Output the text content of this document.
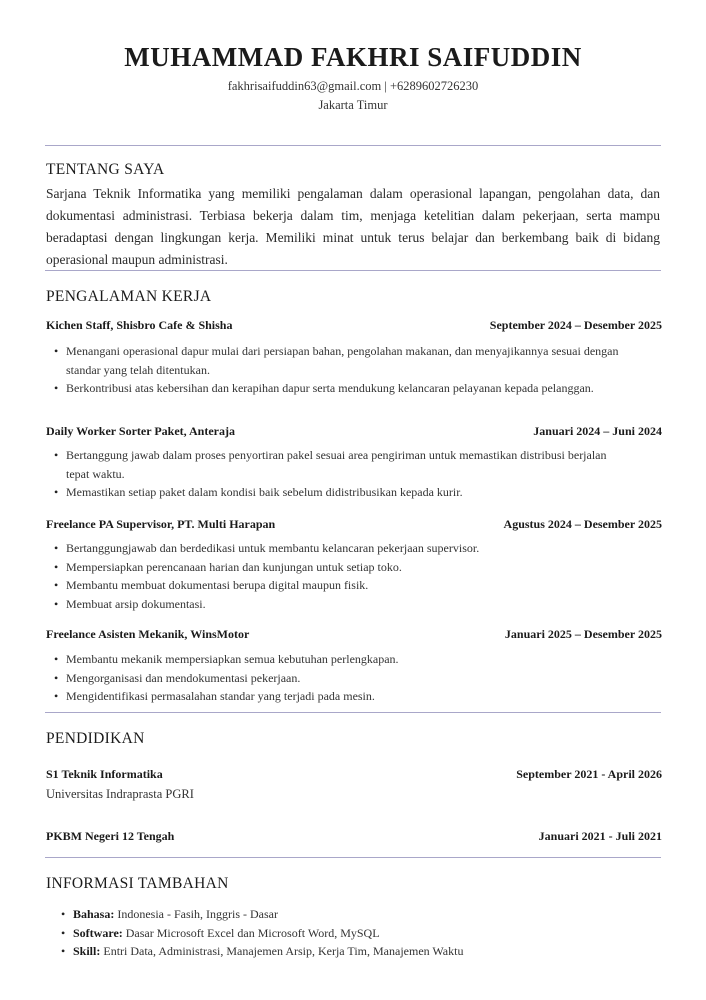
MUHAMMAD FAKHRI SAIFUDDIN
fakhrisaifuddin63@gmail.com | +6289602726230
Jakarta Timur
TENTANG SAYA
Sarjana Teknik Informatika yang memiliki pengalaman dalam operasional lapangan, pengolahan data, dan dokumentasi administrasi. Terbiasa bekerja dalam tim, menjaga ketelitian dalam pekerjaan, serta mampu beradaptasi dengan lingkungan kerja. Memiliki minat untuk terus belajar dan berkembang baik di bidang operasional maupun administrasi.
PENGALAMAN KERJA
Kichen Staff, Shisbro Cafe & Shisha	September 2024 – Desember 2025
• Menangani operasional dapur mulai dari persiapan bahan, pengolahan makanan, dan menyajikannya sesuai dengan standar yang telah ditentukan.
• Berkontribusi atas kebersihan dan kerapihan dapur serta mendukung kelancaran pelayanan kepada pelanggan.
Daily Worker Sorter Paket, Anteraja	Januari 2024 – Juni 2024
• Bertanggung jawab dalam proses penyortiran pakel sesuai area pengiriman untuk memastikan distribusi berjalan tepat waktu.
• Memastikan setiap paket dalam kondisi baik sebelum didistribusikan kepada kurir.
Freelance PA Supervisor, PT. Multi Harapan	Agustus 2024 – Desember 2025
• Bertanggungjawab dan berdedikasi untuk membantu kelancaran pekerjaan supervisor.
• Mempersiapkan perencanaan harian dan kunjungan untuk setiap toko.
• Membantu membuat dokumentasi berupa digital maupun fisik.
• Membuat arsip dokumentasi.
Freelance Asisten Mekanik, WinsMotor	Januari 2025 – Desember 2025
• Membantu mekanik mempersiapkan semua kebutuhan perlengkapan.
• Mengorganisasi dan mendokumentasi pekerjaan.
• Mengidentifikasi permasalahan standar yang terjadi pada mesin.
PENDIDIKAN
S1 Teknik Informatika	September 2021 - April 2026
Universitas Indraprasta PGRI
PKBM Negeri 12 Tengah	Januari 2021 - Juli 2021
INFORMASI TAMBAHAN
• Bahasa: Indonesia - Fasih, Inggris - Dasar
• Software: Dasar Microsoft Excel dan Microsoft Word, MySQL
• Skill: Entri Data, Administrasi, Manajemen Arsip, Kerja Tim, Manajemen Waktu
